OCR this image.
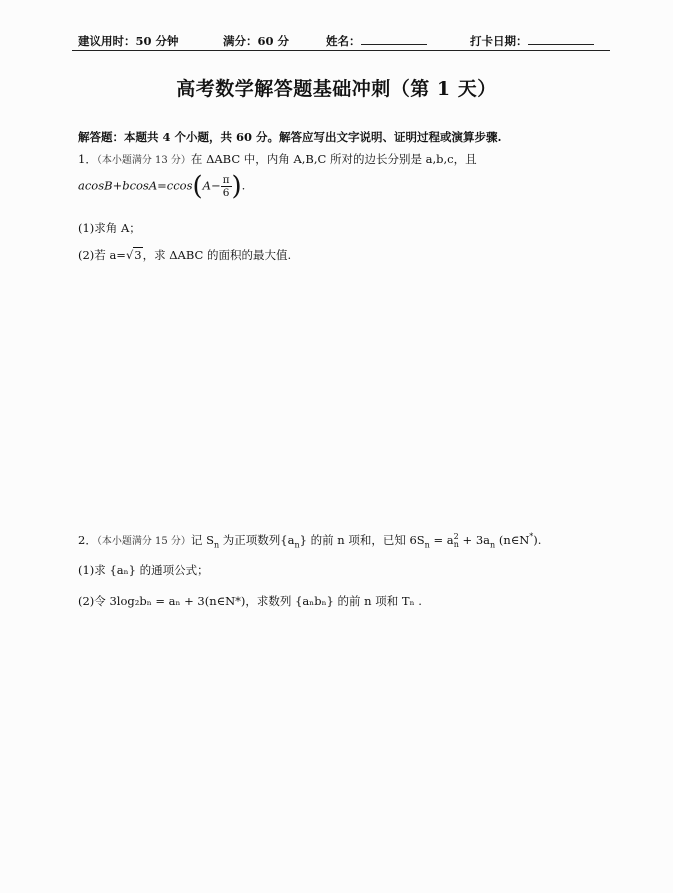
建议用时：50 分钟	满分：60 分	姓名：	打卡日期：
高考数学解答题基础冲刺（第 1 天）
解答题：本题共 4 个小题，共 60 分。解答应写出文字说明、证明过程或演算步骤.
1．（本小题满分 13 分）在 ΔABC 中，内角 A,B,C 所对的边长分别是 a,b,c，且
$acosB+bcosA=ccos(A- \frac{\pi}{6}$ ).
(1)求角 A；
(2)若 a=√3，求 ΔABC 的面积的最大值.
2．（本小题满分 15 分）记 $S_n$ 为正项数列$\{a_n\}$ 的前 n 项和，已知 $6S_n = a^2_n + 3a_n$ (n∈N*).
(1)求 {aₙ} 的通项公式；
(2)令 3log₂bₙ = aₙ + 3(n∈N*)，求数列 {aₙbₙ} 的前 n 项和 Tₙ .
